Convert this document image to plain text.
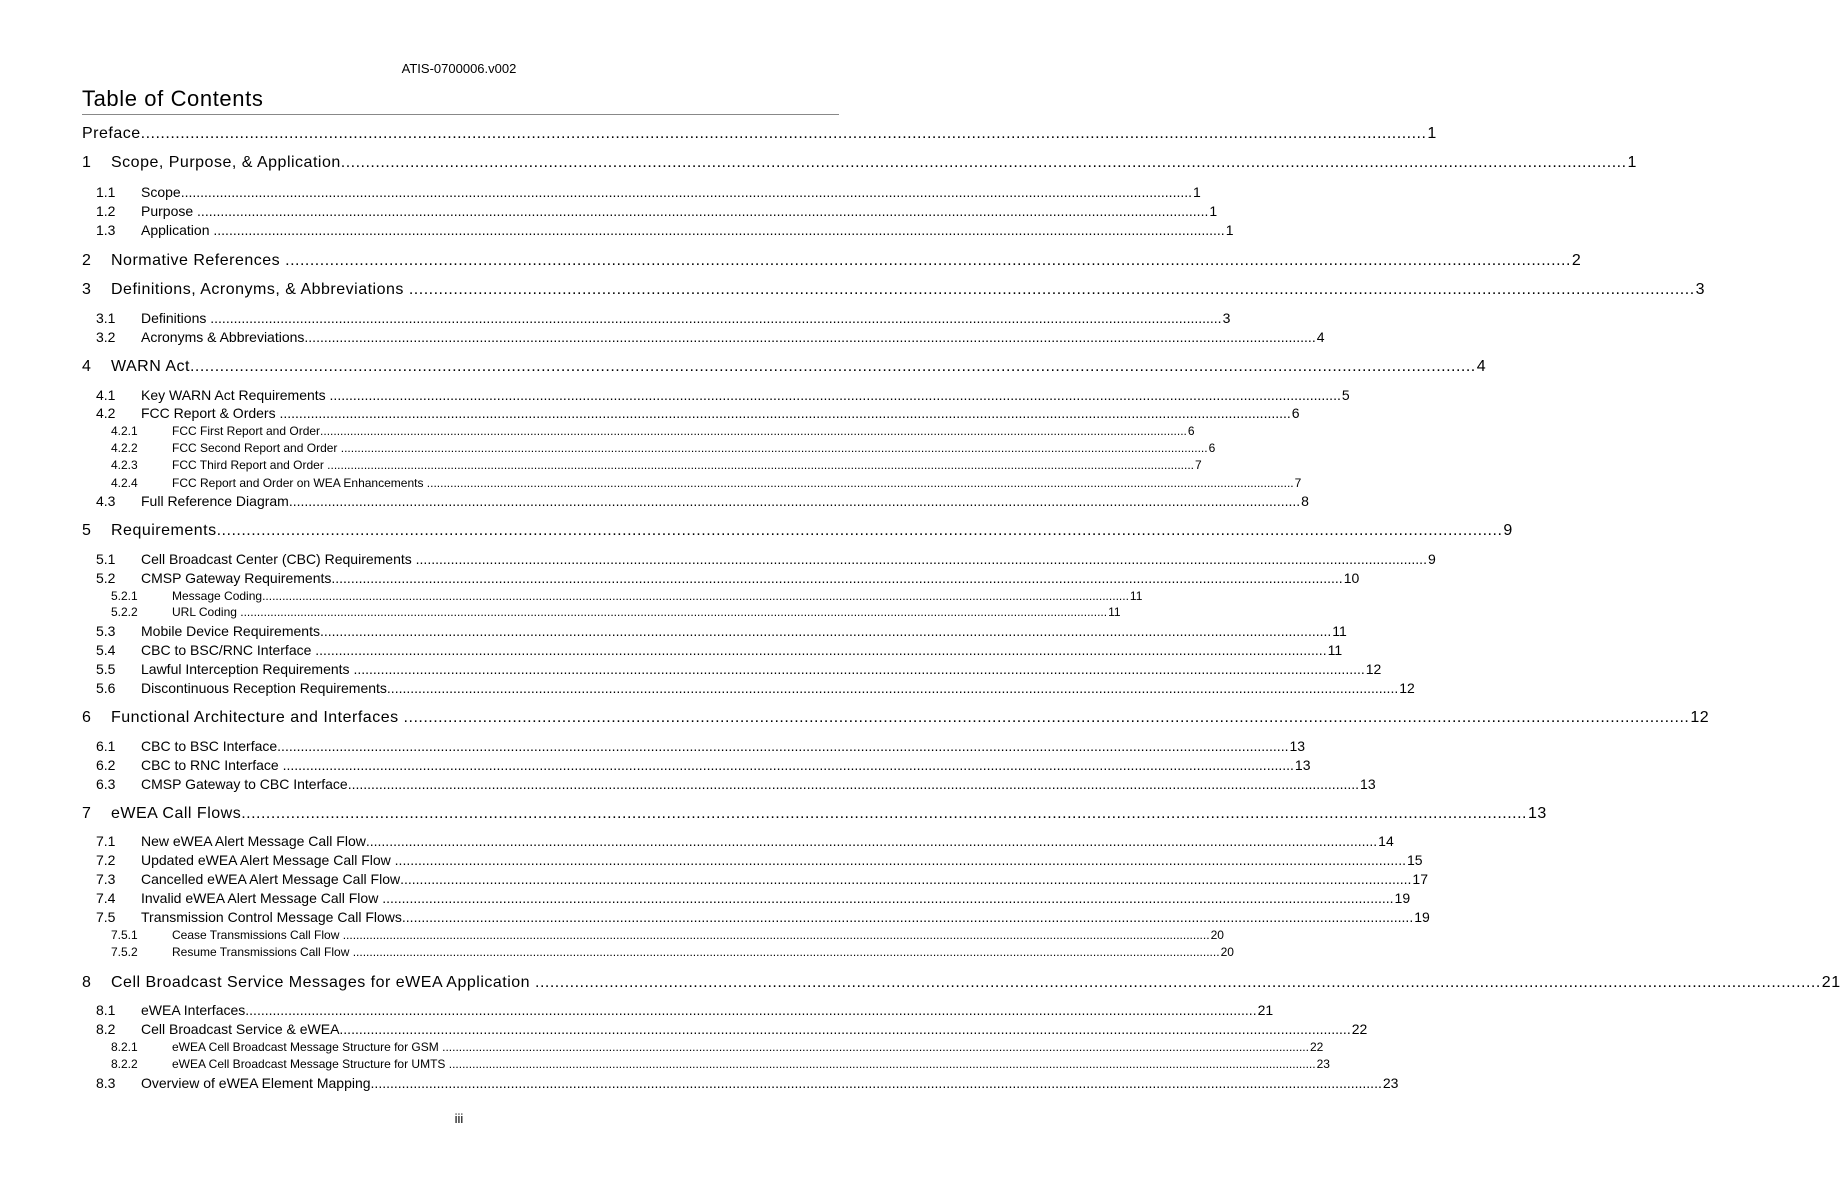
ATIS-0700006.v002
Table of Contents
Preface .................................................................................................................................................................................................................................................................... 1
1 Scope, Purpose, & Application .................................................................................................................................................................................................................................................................... 1
1.1 Scope .................................................................................................................................................................................................................................................................... 1
1.2 Purpose .................................................................................................................................................................................................................................................................... 1
1.3 Application .................................................................................................................................................................................................................................................................... 1
2 Normative References .................................................................................................................................................................................................................................................................... 2
3 Definitions, Acronyms, & Abbreviations .................................................................................................................................................................................................................................................................... 3
3.1 Definitions .................................................................................................................................................................................................................................................................... 3
3.2 Acronyms & Abbreviations .................................................................................................................................................................................................................................................................... 4
4 WARN Act .................................................................................................................................................................................................................................................................... 4
4.1 Key WARN Act Requirements .................................................................................................................................................................................................................................................................... 5
4.2 FCC Report & Orders .................................................................................................................................................................................................................................................................... 6
4.2.1	FCC First Report and Order .................................................................................................................................................................................................................................................................... 6
4.2.2	FCC Second Report and Order .................................................................................................................................................................................................................................................................... 6
4.2.3	FCC Third Report and Order .................................................................................................................................................................................................................................................................... 7
4.2.4	FCC Report and Order on WEA Enhancements .................................................................................................................................................................................................................................................................... 7
4.3 Full Reference Diagram .................................................................................................................................................................................................................................................................... 8
5 Requirements .................................................................................................................................................................................................................................................................... 9
5.1 Cell Broadcast Center (CBC) Requirements .................................................................................................................................................................................................................................................................... 9
5.2 CMSP Gateway Requirements .................................................................................................................................................................................................................................................................... 10
5.2.1	Message Coding .................................................................................................................................................................................................................................................................... 11
5.2.2	URL Coding .................................................................................................................................................................................................................................................................... 11
5.3 Mobile Device Requirements .................................................................................................................................................................................................................................................................... 11
5.4 CBC to BSC/RNC Interface .................................................................................................................................................................................................................................................................... 11
5.5 Lawful Interception Requirements .................................................................................................................................................................................................................................................................... 12
5.6 Discontinuous Reception Requirements .................................................................................................................................................................................................................................................................... 12
6 Functional Architecture and Interfaces .................................................................................................................................................................................................................................................................... 12
6.1 CBC to BSC Interface .................................................................................................................................................................................................................................................................... 13
6.2 CBC to RNC Interface .................................................................................................................................................................................................................................................................... 13
6.3 CMSP Gateway to CBC Interface .................................................................................................................................................................................................................................................................... 13
7 eWEA Call Flows .................................................................................................................................................................................................................................................................... 13
7.1 New eWEA Alert Message Call Flow .................................................................................................................................................................................................................................................................... 14
7.2 Updated eWEA Alert Message Call Flow .................................................................................................................................................................................................................................................................... 15
7.3 Cancelled eWEA Alert Message Call Flow .................................................................................................................................................................................................................................................................... 17
7.4 Invalid eWEA Alert Message Call Flow .................................................................................................................................................................................................................................................................... 19
7.5 Transmission Control Message Call Flows .................................................................................................................................................................................................................................................................... 19
7.5.1	Cease Transmissions Call Flow .................................................................................................................................................................................................................................................................... 20
7.5.2	Resume Transmissions Call Flow .................................................................................................................................................................................................................................................................... 20
8 Cell Broadcast Service Messages for eWEA Application .................................................................................................................................................................................................................................................................... 21
8.1 eWEA Interfaces .................................................................................................................................................................................................................................................................... 21
8.2 Cell Broadcast Service & eWEA .................................................................................................................................................................................................................................................................... 22
8.2.1	eWEA Cell Broadcast Message Structure for GSM .................................................................................................................................................................................................................................................................... 22
8.2.2	eWEA Cell Broadcast Message Structure for UMTS .................................................................................................................................................................................................................................................................... 23
8.3 Overview of eWEA Element Mapping .................................................................................................................................................................................................................................................................... 23
iii
